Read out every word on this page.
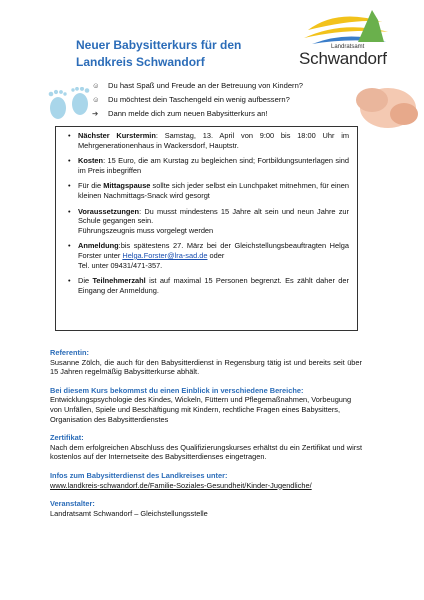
Neuer Babysitterkurs für den
Landkreis Schwandorf
Landratsamt
Schwandorf
☺ Du hast Spaß und Freude an der Betreuung von Kindern?
☺ Du möchtest dein Taschengeld ein wenig aufbessern?
➔ Dann melde dich zum neuen Babysitterkurs an!
• Nächster Kurstermin: Samstag, 13. April von 9:00 bis 18:00 Uhr im Mehrgenerationenhaus in Wackersdorf, Hauptstr.
• Kosten: 15 Euro, die am Kurstag zu begleichen sind; Fortbildungsunterlagen sind im Preis inbegriffen
• Für die Mittagspause sollte sich jeder selbst ein Lunchpaket mitnehmen, für einen kleinen Nachmittags-Snack wird gesorgt
• Voraussetzungen: Du musst mindestens 15 Jahre alt sein und neun Jahre zur Schule gegangen sein.
Führungszeugnis muss vorgelegt werden
• Anmeldung:bis spätestens 27. März bei der Gleichstellungsbeauftragten Helga Forster unter Helga.Forster@lra-sad.de oder
Tel. unter 09431/471-357.
• Die Teilnehmerzahl ist auf maximal 15 Personen begrenzt. Es zählt daher der Eingang der Anmeldung.
Referentin:
Susanne Zölch, die auch für den Babysitterdienst in Regensburg tätig ist und bereits seit über 15 Jahren regelmäßig Babysitterkurse abhält.
Bei diesem Kurs bekommst du einen Einblick in verschiedene Bereiche:
Entwicklungspsychologie des Kindes, Wickeln, Füttern und Pflegemaßnahmen, Vorbeugung von Unfällen, Spiele und Beschäftigung mit Kindern, rechtliche Fragen eines Babysitters, Organisation des Babysitterdienstes
Zertifikat:
Nach dem erfolgreichen Abschluss des Qualifizierungskurses erhältst du ein Zertifikat und wirst kostenlos auf der Internetseite des Babysitterdienses eingetragen.
Infos zum Babysitterdienst des Landkreises unter:
www.landkreis-schwandorf.de/Familie-Soziales-Gesundheit/Kinder-Jugendliche/
Veranstalter:
Landratsamt Schwandorf – Gleichstellungsstelle
